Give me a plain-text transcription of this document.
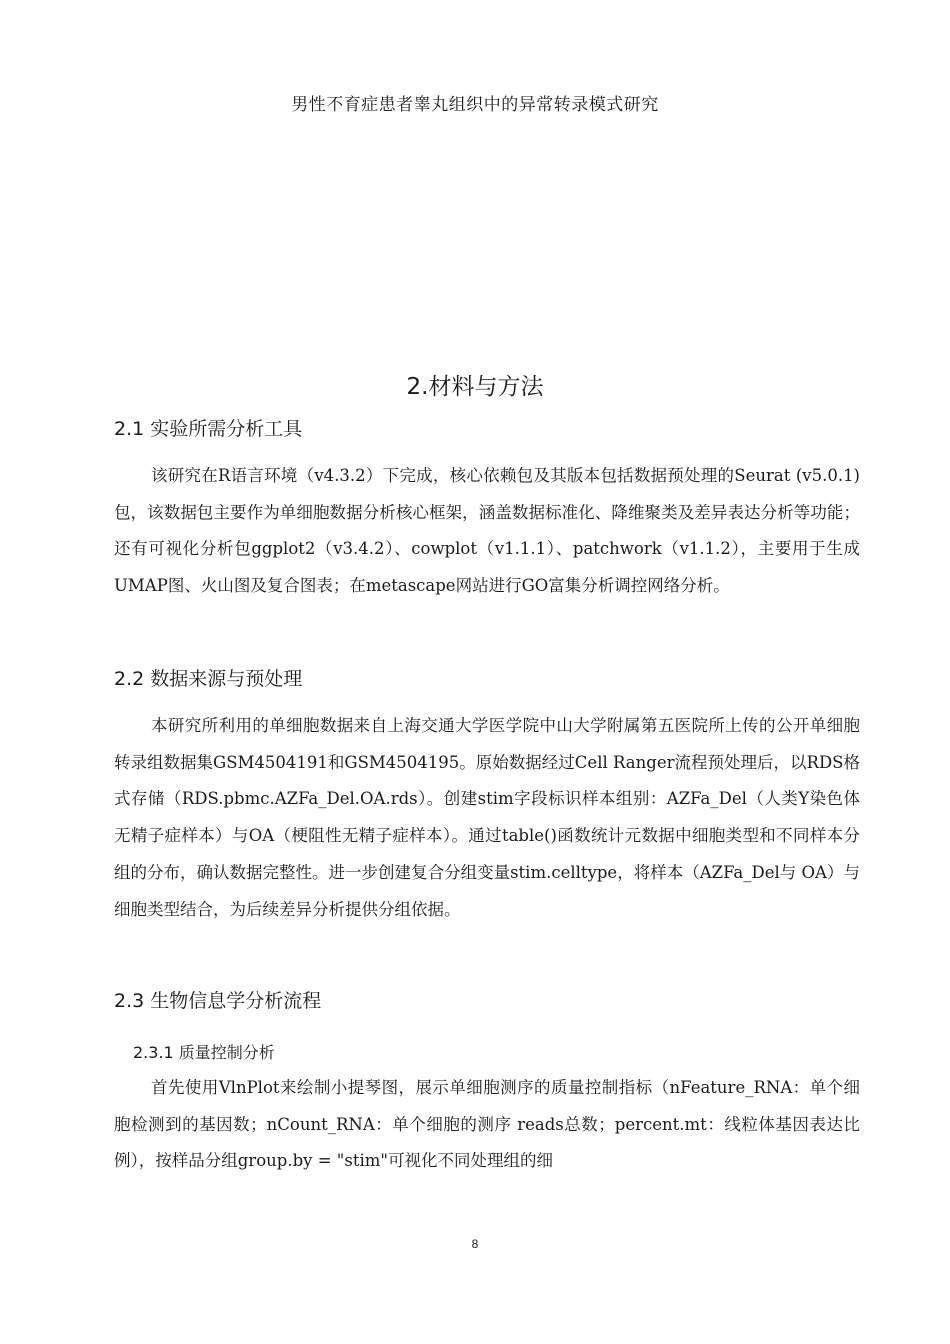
男性不育症患者睾丸组织中的异常转录模式研究
2.材料与方法
2.1 实验所需分析工具

该研究在R语言环境（v4.3.2）下完成，核心依赖包及其版本包括数据预处理的Seurat (v5.0.1)包，该数据包主要作为单细胞数据分析核心框架，涵盖数据标准化、降维聚类及差异表达分析等功能；还有可视化分析包ggplot2（v3.4.2）、cowplot（v1.1.1）、patchwork（v1.1.2），主要用于生成UMAP图、火山图及复合图表；在metascape网站进行GO富集分析调控网络分析。

2.2 数据来源与预处理

本研究所利用的单细胞数据来自上海交通大学医学院中山大学附属第五医院所上传的公开单细胞转录组数据集GSM4504191和GSM4504195。原始数据经过Cell Ranger流程预处理后，以RDS格式存储（RDS.pbmc.AZFa_Del.OA.rds）。创建stim字段标识样本组别：AZFa_Del（人类Y染色体无精子症样本）与OA（梗阻性无精子症样本）。通过table()函数统计元数据中细胞类型和不同样本分组的分布，确认数据完整性。进一步创建复合分组变量stim.celltype，将样本（AZFa_Del与 OA）与细胞类型结合，为后续差异分析提供分组依据。

2.3 生物信息学分析流程
2.3.1 质量控制分析

首先使用VlnPlot来绘制小提琴图，展示单细胞测序的质量控制指标（nFeature_RNA：单个细胞检测到的基因数；nCount_RNA：单个细胞的测序 reads总数；percent.mt：线粒体基因表达比例），按样品分组group.by = "stim"可视化不同处理组的细

8
